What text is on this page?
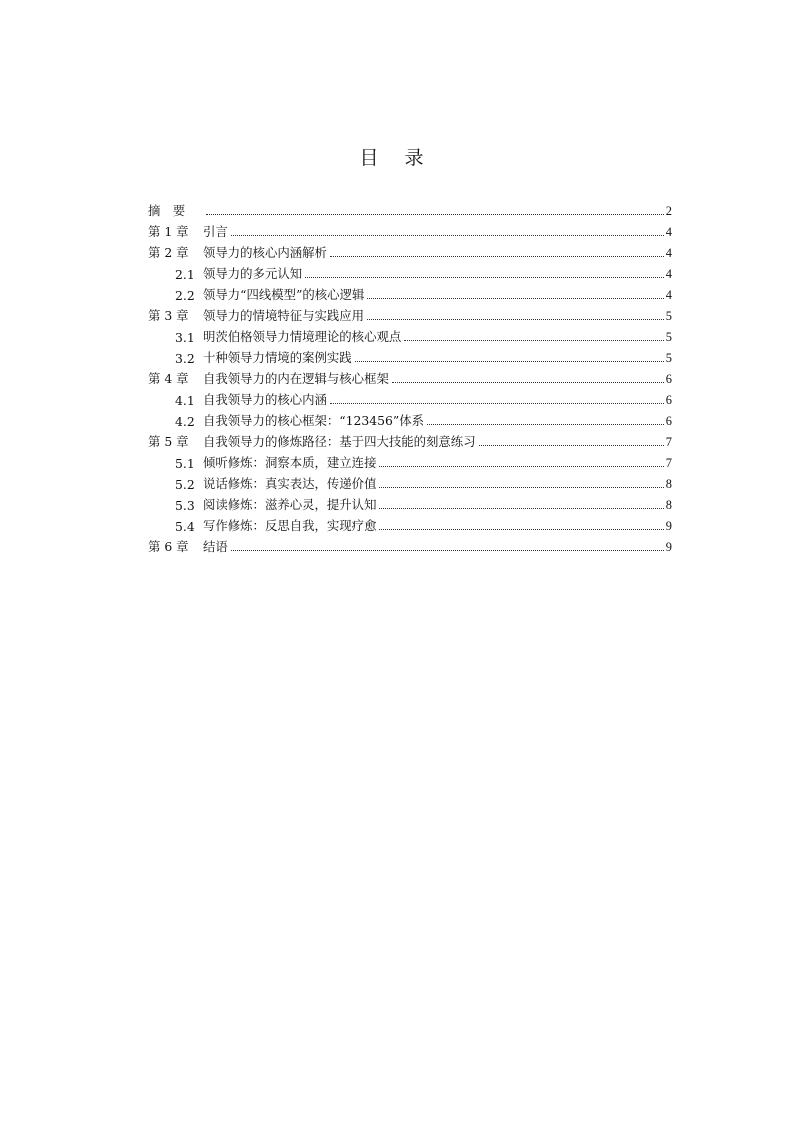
目 录
摘　要	2
第 1 章	引言	4
第 2 章	领导力的核心内涵解析	4
2.1 领导力的多元认知	4
2.2 领导力“四线模型”的核心逻辑	4
第 3 章	领导力的情境特征与实践应用	5
3.1 明茨伯格领导力情境理论的核心观点	5
3.2 十种领导力情境的案例实践	5
第 4 章	自我领导力的内在逻辑与核心框架	6
4.1 自我领导力的核心内涵	6
4.2 自我领导力的核心框架：“123456”体系	6
第 5 章	自我领导力的修炼路径：基于四大技能的刻意练习	7
5.1 倾听修炼：洞察本质，建立连接	7
5.2 说话修炼：真实表达，传递价值	8
5.3 阅读修炼：滋养心灵，提升认知	8
5.4 写作修炼：反思自我，实现疗愈	9
第 6 章	结语	9
